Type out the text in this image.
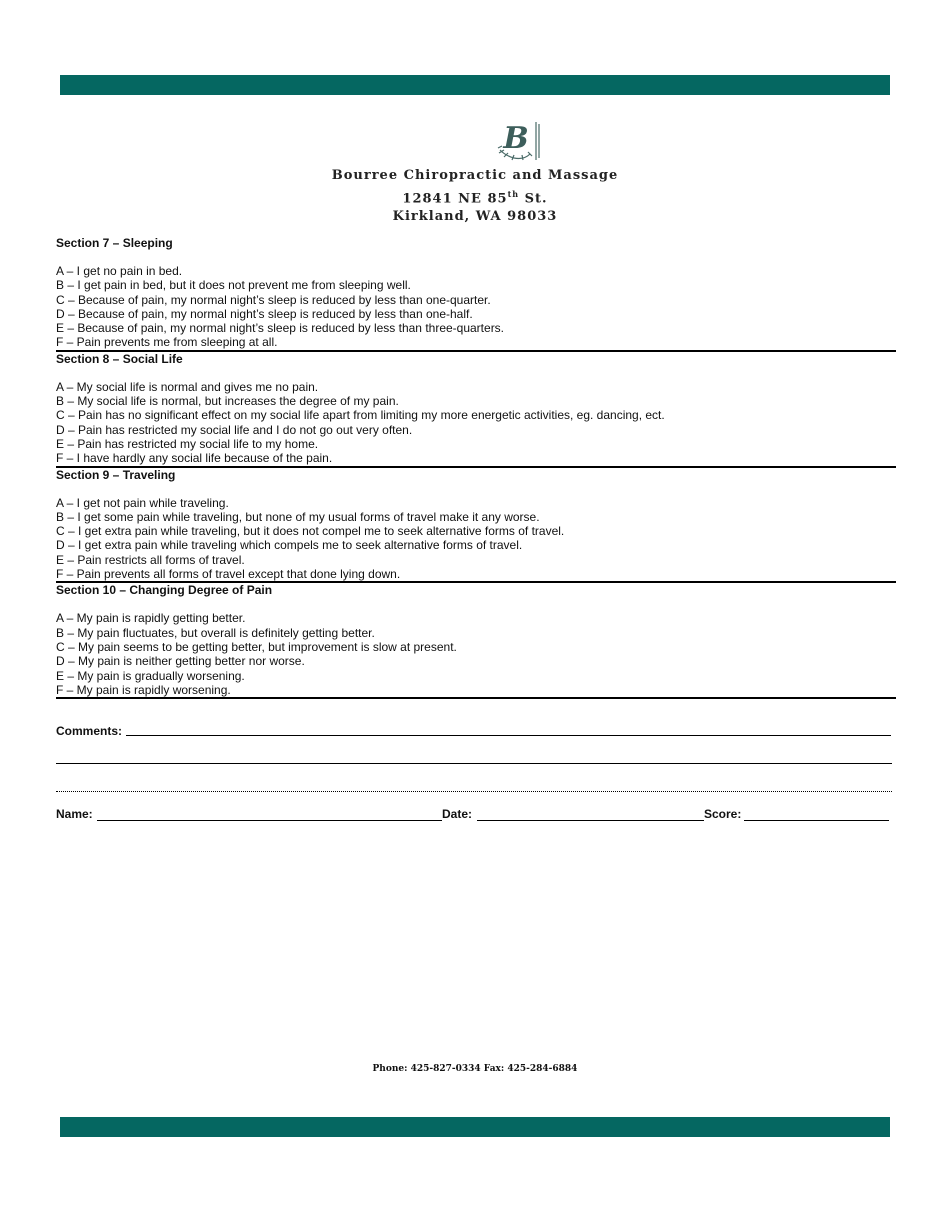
B
Bourree Chiropractic and Massage
12841 NE 85th St.
Kirkland, WA 98033
Section 7 – Sleeping
A – I get no pain in bed.
B – I get pain in bed, but it does not prevent me from sleeping well.
C – Because of pain, my normal night’s sleep is reduced by less than one-quarter.
D – Because of pain, my normal night’s sleep is reduced by less than one-half.
E – Because of pain, my normal night’s sleep is reduced by less than three-quarters.
F – Pain prevents me from sleeping at all.
Section 8 – Social Life
A – My social life is normal and gives me no pain.
B – My social life is normal, but increases the degree of my pain.
C – Pain has no significant effect on my social life apart from limiting my more energetic activities, eg. dancing, ect.
D – Pain has restricted my social life and I do not go out very often.
E – Pain has restricted my social life to my home.
F – I have hardly any social life because of the pain.
Section 9 – Traveling
A – I get not pain while traveling.
B – I get some pain while traveling, but none of my usual forms of travel make it any worse.
C – I get extra pain while traveling, but it does not compel me to seek alternative forms of travel.
D – I get extra pain while traveling which compels me to seek alternative forms of travel.
E – Pain restricts all forms of travel.
F – Pain prevents all forms of travel except that done lying down.
Section 10 – Changing Degree of Pain
A – My pain is rapidly getting better.
B – My pain fluctuates, but overall is definitely getting better.
C – My pain seems to be getting better, but improvement is slow at present.
D – My pain is neither getting better nor worse.
E – My pain is gradually worsening.
F – My pain is rapidly worsening.
Comments:
Name:	Date:	Score:
Phone: 425-827-0334 Fax: 425-284-6884
